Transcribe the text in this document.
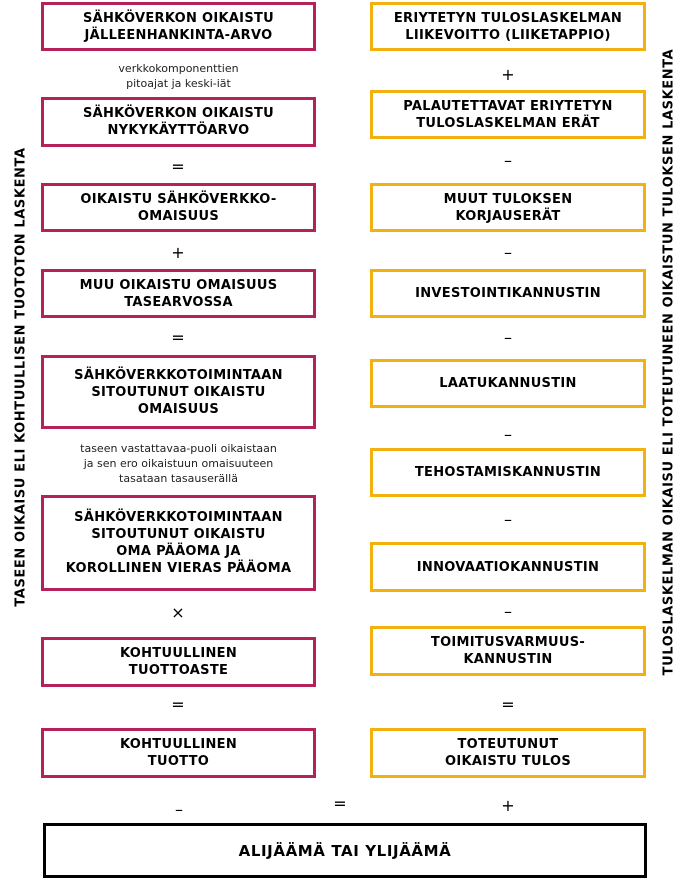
TASEEN OIKAISU ELI KOHTUULLISEN TUOTOTON LASKENTA	TULOSLASKELMAN OIKAISU ELI TOTEUTUNEEN OIKAISTUN TULOKSEN LASKENTA
SÄHKÖVERKON OIKAISTU
JÄLLEENHANKINTA-ARVO
verkkokomponenttien
pitoajat ja keski-iät
SÄHKÖVERKON OIKAISTU
NYKYKÄYTTÖARVO
=
OIKAISTU SÄHKÖVERKKO-
OMAISUUS
+
MUU OIKAISTU OMAISUUS
TASEARVOSSA
=
SÄHKÖVERKKOTOIMINTAAN
SITOUTUNUT OIKAISTU
OMAISUUS
taseen vastattavaa-puoli oikaistaan
ja sen ero oikaistuun omaisuuteen
tasataan tasauserällä
SÄHKÖVERKKOTOIMINTAAN
SITOUTUNUT OIKAISTU
OMA PÄÄOMA JA
KOROLLINEN VIERAS PÄÄOMA
×
KOHTUULLINEN
TUOTTOASTE
=
KOHTUULLINEN
TUOTTO
ERIYTETYN TULOSLASKELMAN
LIIKEVOITTO (LIIKETAPPIO)
+
PALAUTETTAVAT ERIYTETYN
TULOSLASKELMAN ERÄT
–
MUUT TULOKSEN
KORJAUSERÄT
–
INVESTOINTIKANNUSTIN
–
LAATUKANNUSTIN
–
TEHOSTAMISKANNUSTIN
–
INNOVAATIOKANNUSTIN
–
TOIMITUSVARMUUS-
KANNUSTIN
=
TOTEUTUNUT
OIKAISTU TULOS
–	=	+
ALIJÄÄMÄ TAI YLIJÄÄMÄ
